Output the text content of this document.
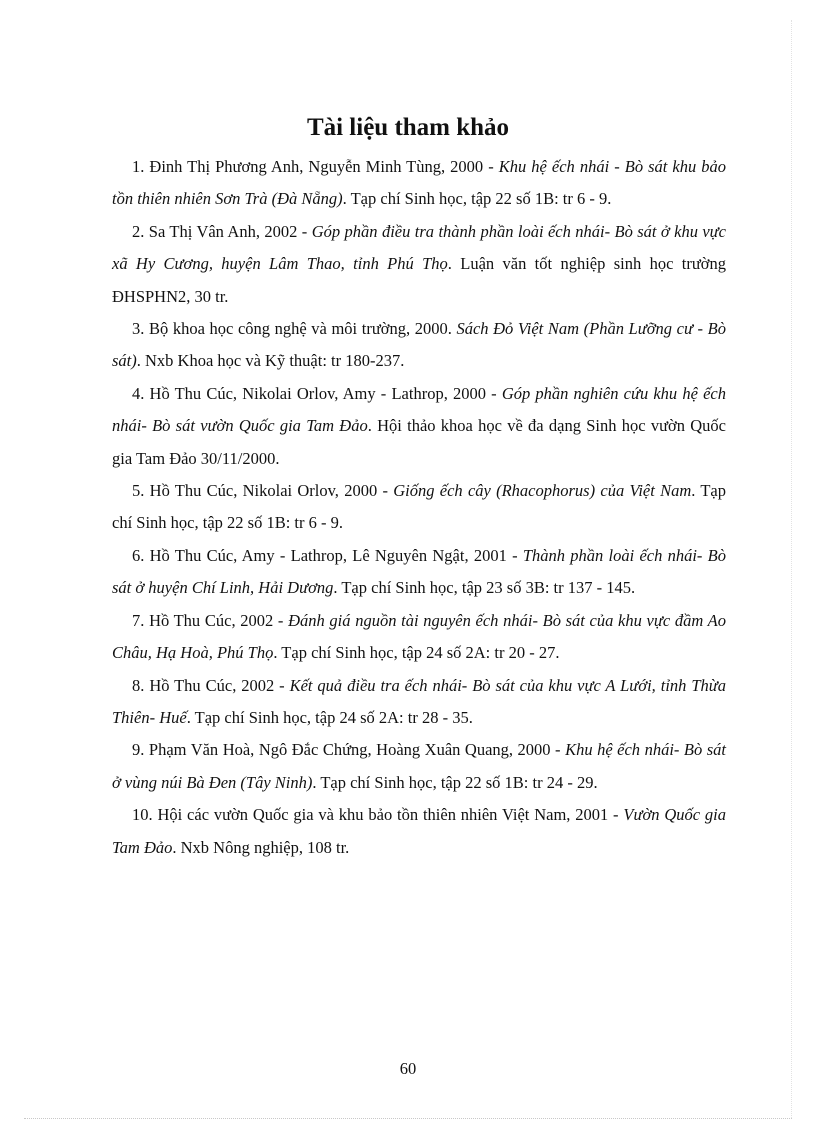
Tài liệu tham khảo
1. Đinh Thị Phương Anh, Nguyễn Minh Tùng, 2000 - Khu hệ ếch nhái - Bò sát khu bảo tồn thiên nhiên Sơn Trà (Đà Nẵng). Tạp chí Sinh học, tập 22 số 1B: tr 6 - 9.
2. Sa Thị Vân Anh, 2002 - Góp phần điều tra thành phần loài ếch nhái- Bò sát ở khu vực xã Hy Cương, huyện Lâm Thao, tỉnh Phú Thọ. Luận văn tốt nghiệp sinh học trường ĐHSPHN2, 30 tr.
3. Bộ khoa học công nghệ và môi trường, 2000. Sách Đỏ Việt Nam (Phần Lưỡng cư - Bò sát). Nxb Khoa học và Kỹ thuật: tr 180-237.
4. Hồ Thu Cúc, Nikolai Orlov, Amy - Lathrop, 2000 - Góp phần nghiên cứu khu hệ ếch nhái- Bò sát vườn Quốc gia Tam Đảo. Hội thảo khoa học về đa dạng Sinh học vườn Quốc gia Tam Đảo 30/11/2000.
5. Hồ Thu Cúc, Nikolai Orlov, 2000 - Giống ếch cây (Rhacophorus) của Việt Nam. Tạp chí Sinh học, tập 22 số 1B: tr 6 - 9.
6. Hồ Thu Cúc, Amy - Lathrop, Lê Nguyên Ngật, 2001 - Thành phần loài ếch nhái- Bò sát ở huyện Chí Linh, Hải Dương. Tạp chí Sinh học, tập 23 số 3B: tr 137 - 145.
7. Hồ Thu Cúc, 2002 - Đánh giá nguồn tài nguyên ếch nhái- Bò sát của khu vực đầm Ao Châu, Hạ Hoà, Phú Thọ. Tạp chí Sinh học, tập 24 số 2A: tr 20 - 27.
8. Hồ Thu Cúc, 2002 - Kết quả điều tra ếch nhái- Bò sát của khu vực A Lưới, tỉnh Thừa Thiên- Huế. Tạp chí Sinh học, tập 24 số 2A: tr 28 - 35.
9. Phạm Văn Hoà, Ngô Đắc Chứng, Hoàng Xuân Quang, 2000 - Khu hệ ếch nhái- Bò sát ở vùng núi Bà Đen (Tây Ninh). Tạp chí Sinh học, tập 22 số 1B: tr 24 - 29.
10. Hội các vườn Quốc gia và khu bảo tồn thiên nhiên Việt Nam, 2001 - Vườn Quốc gia Tam Đảo. Nxb Nông nghiệp, 108 tr.
60
